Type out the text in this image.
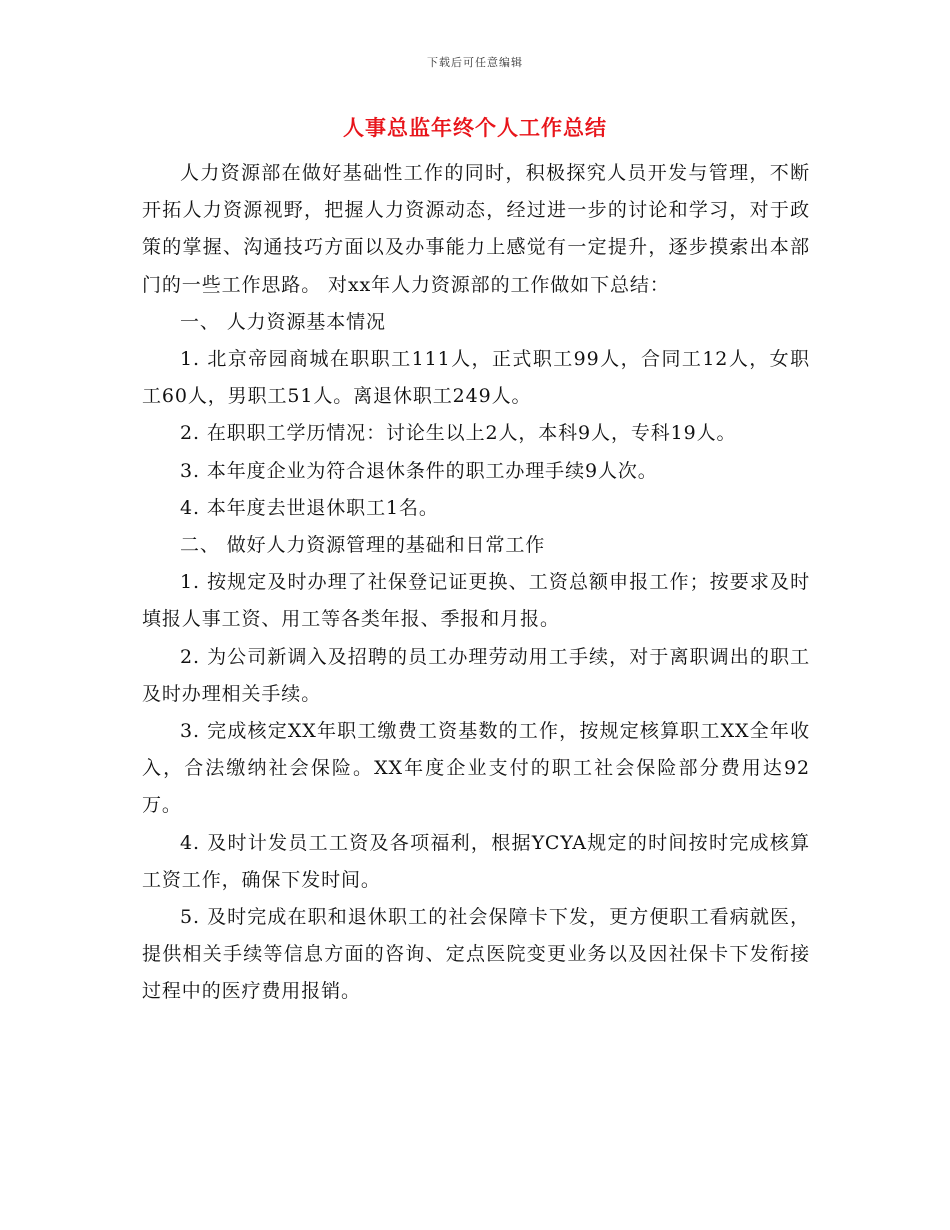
下载后可任意编辑
人事总监年终个人工作总结

人力资源部在做好基础性工作的同时，积极探究人员开发与管理，不断开拓人力资源视野，把握人力资源动态，经过进一步的讨论和学习，对于政策的掌握、沟通技巧方面以及办事能力上感觉有一定提升，逐步摸索出本部门的一些工作思路。 对xx年人力资源部的工作做如下总结：

一、 人力资源基本情况

1. 北京帝园商城在职职工111人，正式职工99人，合同工12人，女职工60人，男职工51人。离退休职工249人。

2. 在职职工学历情况：讨论生以上2人，本科9人，专科19人。

3. 本年度企业为符合退休条件的职工办理手续9人次。

4. 本年度去世退休职工1名。

二、 做好人力资源管理的基础和日常工作

1. 按规定及时办理了社保登记证更换、工资总额申报工作；按要求及时填报人事工资、用工等各类年报、季报和月报。

2. 为公司新调入及招聘的员工办理劳动用工手续，对于离职调出的职工及时办理相关手续。

3. 完成核定XX年职工缴费工资基数的工作，按规定核算职工XX全年收入，合法缴纳社会保险。XX年度企业支付的职工社会保险部分费用达92万。

4. 及时计发员工工资及各项福利，根据YCYA规定的时间按时完成核算工资工作，确保下发时间。

5. 及时完成在职和退休职工的社会保障卡下发，更方便职工看病就医，提供相关手续等信息方面的咨询、定点医院变更业务以及因社保卡下发衔接过程中的医疗费用报销。
